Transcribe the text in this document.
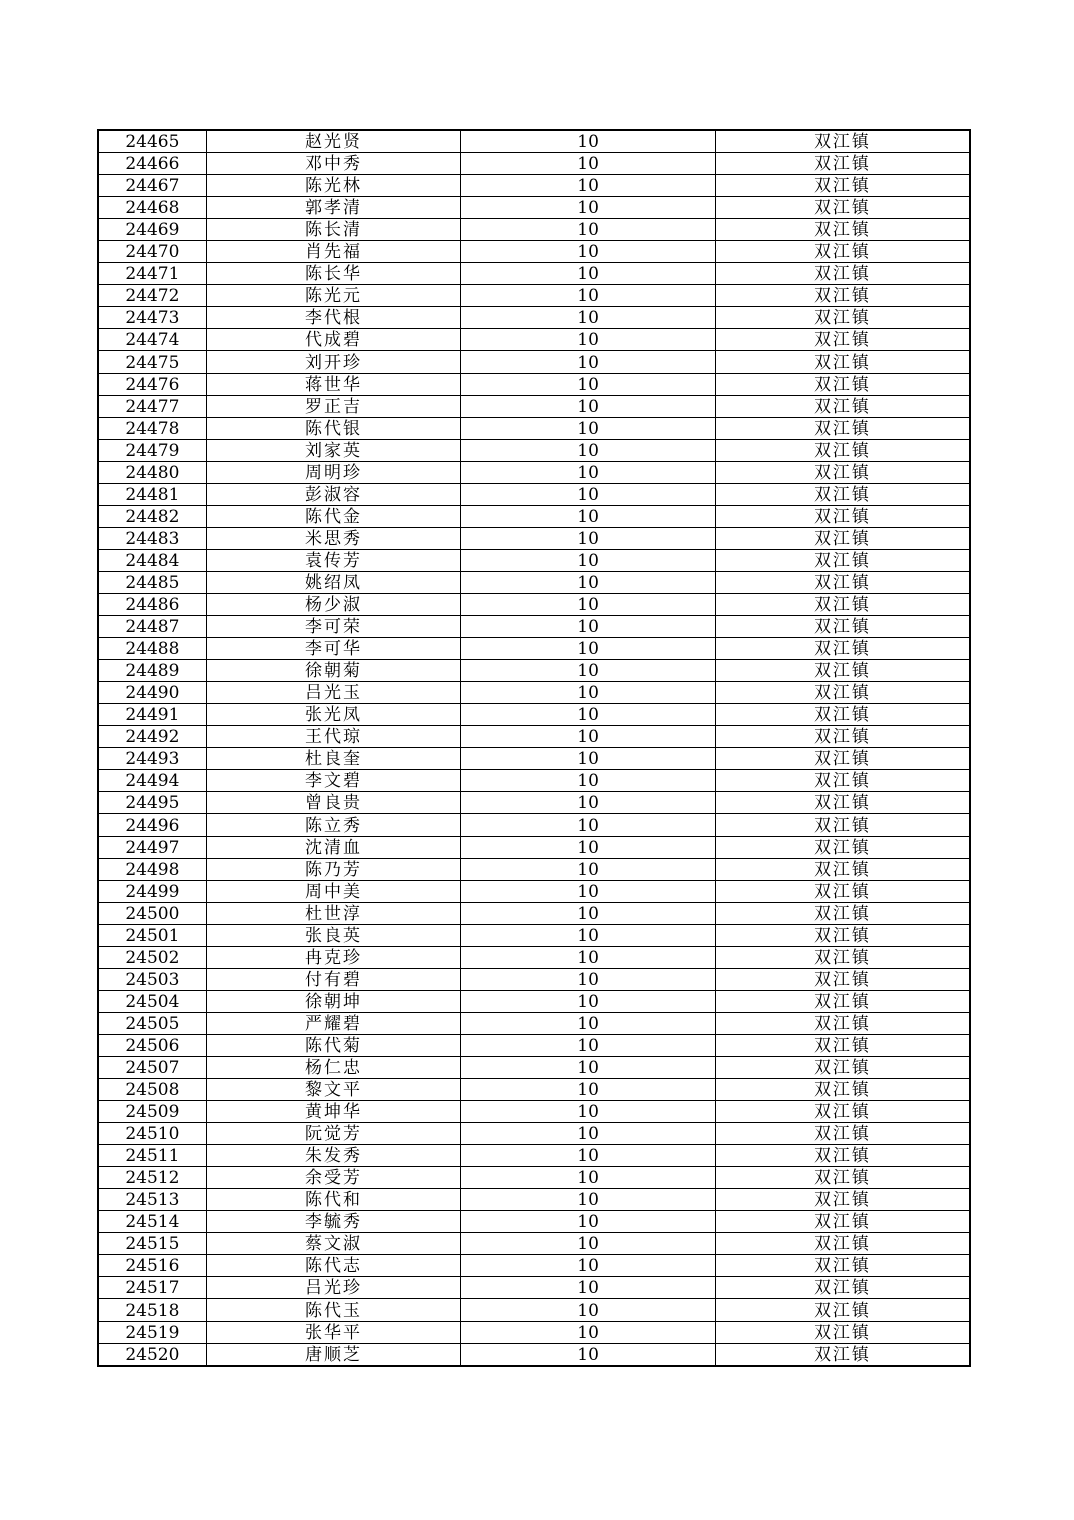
24465	赵光贤	10	双江镇
24466	邓中秀	10	双江镇
24467	陈光林	10	双江镇
24468	郭孝清	10	双江镇
24469	陈长清	10	双江镇
24470	肖先福	10	双江镇
24471	陈长华	10	双江镇
24472	陈光元	10	双江镇
24473	李代根	10	双江镇
24474	代成碧	10	双江镇
24475	刘开珍	10	双江镇
24476	蒋世华	10	双江镇
24477	罗正吉	10	双江镇
24478	陈代银	10	双江镇
24479	刘家英	10	双江镇
24480	周明珍	10	双江镇
24481	彭淑容	10	双江镇
24482	陈代金	10	双江镇
24483	米思秀	10	双江镇
24484	袁传芳	10	双江镇
24485	姚绍凤	10	双江镇
24486	杨少淑	10	双江镇
24487	李可荣	10	双江镇
24488	李可华	10	双江镇
24489	徐朝菊	10	双江镇
24490	吕光玉	10	双江镇
24491	张光凤	10	双江镇
24492	王代琼	10	双江镇
24493	杜良奎	10	双江镇
24494	李文碧	10	双江镇
24495	曾良贵	10	双江镇
24496	陈立秀	10	双江镇
24497	沈清血	10	双江镇
24498	陈乃芳	10	双江镇
24499	周中美	10	双江镇
24500	杜世淳	10	双江镇
24501	张良英	10	双江镇
24502	冉克珍	10	双江镇
24503	付有碧	10	双江镇
24504	徐朝坤	10	双江镇
24505	严耀碧	10	双江镇
24506	陈代菊	10	双江镇
24507	杨仁忠	10	双江镇
24508	黎文平	10	双江镇
24509	黄坤华	10	双江镇
24510	阮觉芳	10	双江镇
24511	朱发秀	10	双江镇
24512	余受芳	10	双江镇
24513	陈代和	10	双江镇
24514	李毓秀	10	双江镇
24515	蔡文淑	10	双江镇
24516	陈代志	10	双江镇
24517	吕光珍	10	双江镇
24518	陈代玉	10	双江镇
24519	张华平	10	双江镇
24520	唐顺芝	10	双江镇
